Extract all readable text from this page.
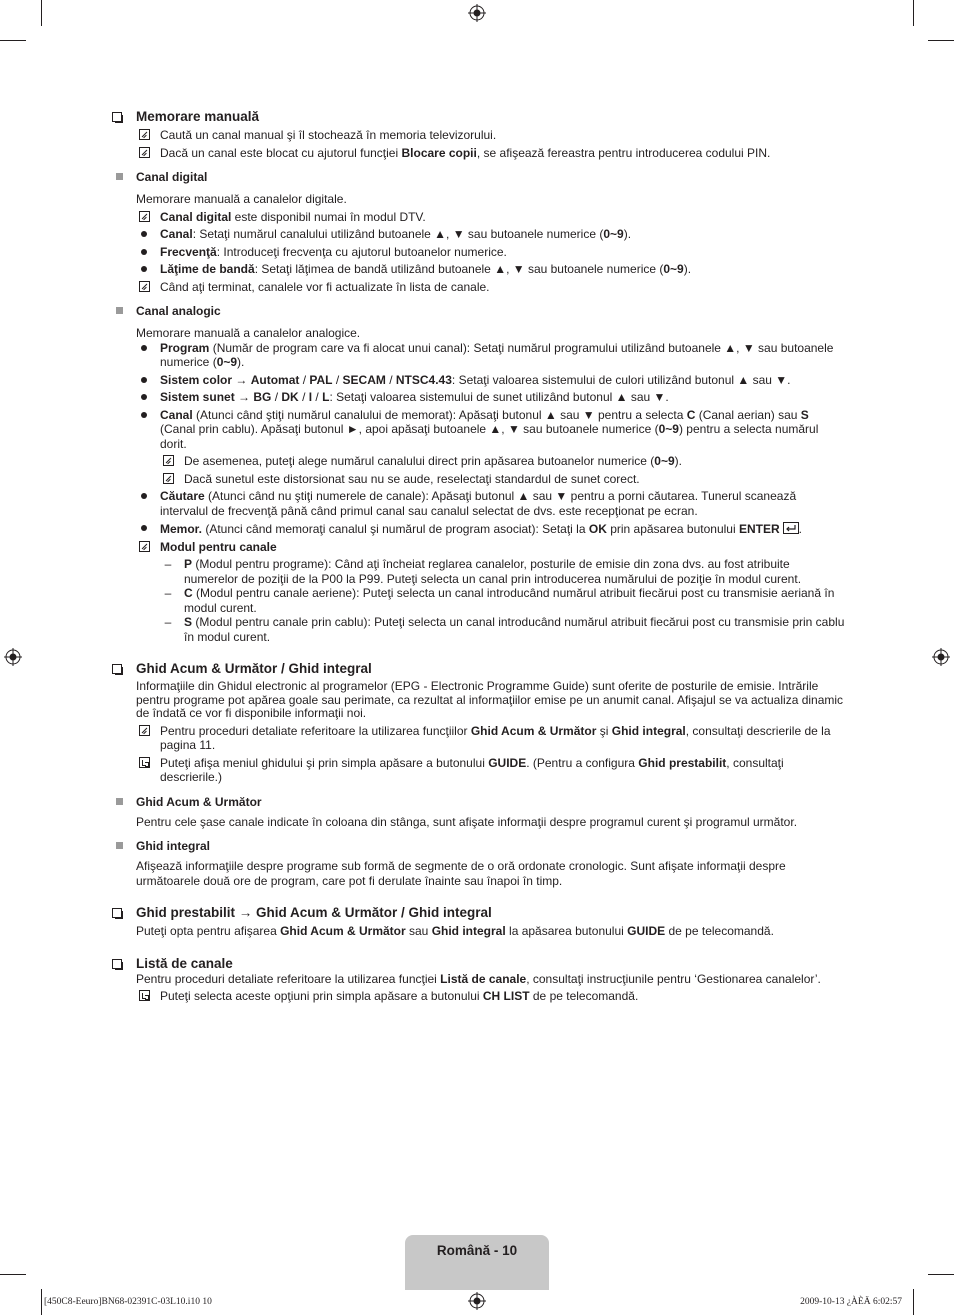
Memorare manuală
Caută un canal manual şi îl stochează în memoria televizorului.
Dacă un canal este blocat cu ajutorul funcţiei Blocare copii, se afişează fereastra pentru introducerea codului PIN.
Canal digital
Memorare manuală a canalelor digitale.
Canal digital este disponibil numai în modul DTV.
Canal: Setaţi numărul canalului utilizând butoanele ▲, ▼ sau butoanele numerice (0~9).
Frecvenţă: Introduceţi frecvenţa cu ajutorul butoanelor numerice.
Lăţime de bandă: Setaţi lăţimea de bandă utilizând butoanele ▲, ▼ sau butoanele numerice (0~9).
Când aţi terminat, canalele vor fi actualizate în lista de canale.
Canal analogic
Memorare manuală a canalelor analogice.
Program (Număr de program care va fi alocat unui canal): Setaţi numărul programului utilizând butoanele ▲, ▼ sau butoanele numerice (0~9).
Sistem color → Automat / PAL / SECAM / NTSC4.43: Setaţi valoarea sistemului de culori utilizând butonul ▲ sau ▼.
Sistem sunet → BG / DK / I / L: Setaţi valoarea sistemului de sunet utilizând butonul ▲ sau ▼.
Canal (Atunci când ştiţi numărul canalului de memorat): Apăsaţi butonul ▲ sau ▼ pentru a selecta C (Canal aerian) sau S (Canal prin cablu). Apăsaţi butonul ►, apoi apăsaţi butoanele ▲, ▼ sau butoanele numerice (0~9) pentru a selecta numărul dorit.
De asemenea, puteţi alege numărul canalului direct prin apăsarea butoanelor numerice (0~9).
Dacă sunetul este distorsionat sau nu se aude, reselectaţi standardul de sunet corect.
Căutare (Atunci când nu ştiţi numerele de canale): Apăsaţi butonul ▲ sau ▼ pentru a porni căutarea. Tunerul scanează intervalul de frecvenţă până când primul canal sau canalul selectat de dvs. este recepţionat pe ecran.
Memor. (Atunci când memoraţi canalul şi numărul de program asociat): Setaţi la OK prin apăsarea butonului ENTER .
Modul pentru canale
–	P (Modul pentru programe): Când aţi încheiat reglarea canalelor, posturile de emisie din zona dvs. au fost atribuite numerelor de poziţii de la P00 la P99. Puteţi selecta un canal prin introducerea numărului de poziţie în modul curent.
–	C (Modul pentru canale aeriene): Puteţi selecta un canal introducând numărul atribuit fiecărui post cu transmisie aeriană în modul curent.
–	S (Modul pentru canale prin cablu): Puteţi selecta un canal introducând numărul atribuit fiecărui post cu transmisie prin cablu în modul curent.
Ghid Acum & Următor / Ghid integral
Informaţiile din Ghidul electronic al programelor (EPG - Electronic Programme Guide) sunt oferite de posturile de emisie. Intrările pentru programe pot apărea goale sau perimate, ca rezultat al informaţiilor emise pe un anumit canal. Afişajul se va actualiza dinamic de îndată ce vor fi disponibile informaţii noi.
Pentru proceduri detaliate referitoare la utilizarea funcţiilor Ghid Acum & Următor şi Ghid integral, consultaţi descrierile de la pagina 11.
Puteţi afişa meniul ghidului şi prin simpla apăsare a butonului GUIDE. (Pentru a configura Ghid prestabilit, consultaţi descrierile.)
Ghid Acum & Următor
Pentru cele şase canale indicate în coloana din stânga, sunt afişate informaţii despre programul curent şi programul următor.
Ghid integral
Afişează informaţiile despre programe sub formă de segmente de o oră ordonate cronologic. Sunt afişate informaţii despre următoarele două ore de program, care pot fi derulate înainte sau înapoi în timp.
Ghid prestabilit → Ghid Acum & Următor / Ghid integral
Puteţi opta pentru afişarea Ghid Acum & Următor sau Ghid integral la apăsarea butonului GUIDE de pe telecomandă.
Listă de canale
Pentru proceduri detaliate referitoare la utilizarea funcţiei Listă de canale, consultaţi instrucţiunile pentru ‘Gestionarea canalelor’.
Puteţi selecta aceste opţiuni prin simpla apăsare a butonului CH LIST de pe telecomandă.
Română - 10
[450C8-Eeuro]BN68-02391C-03L10.i10 10	2009-10-13 ¿ÀÈÄ 6:02:57
